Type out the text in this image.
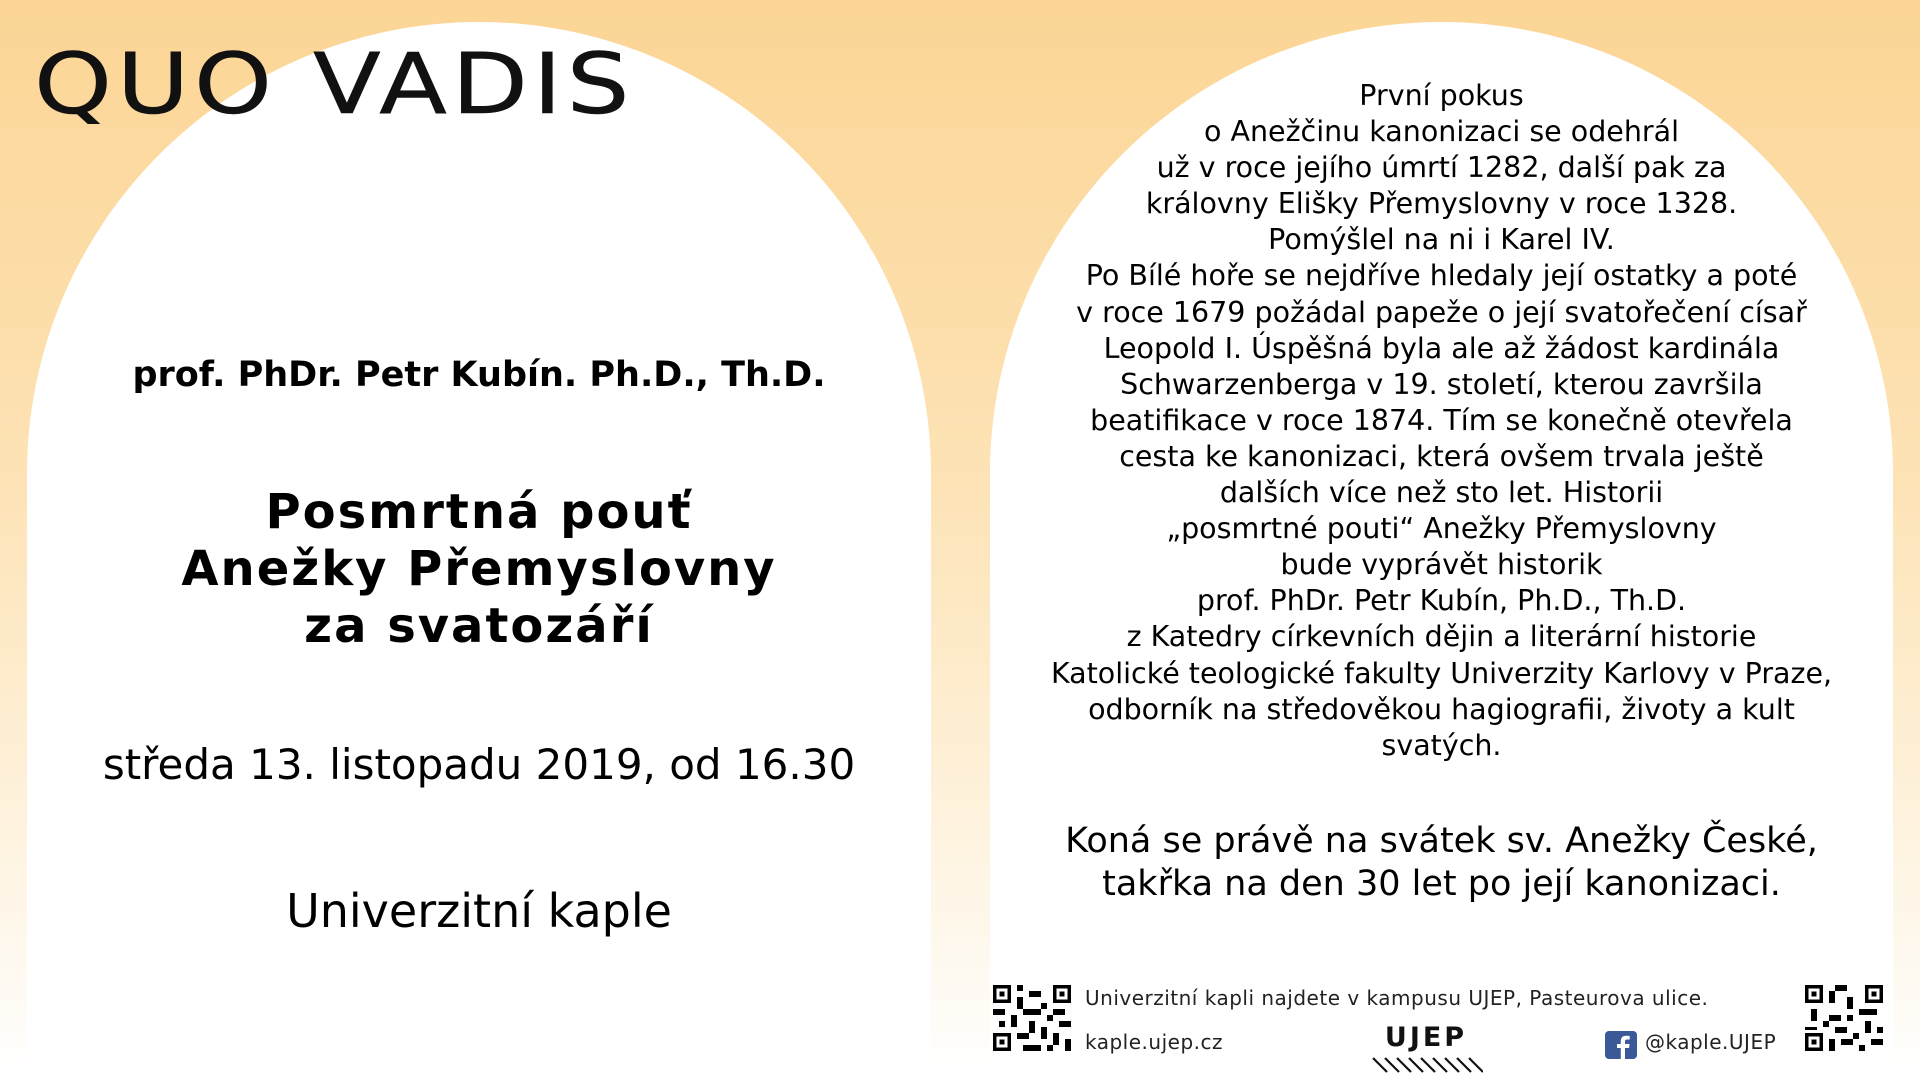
QUO VADIS
prof. PhDr. Petr Kubín. Ph.D., Th.D.
Posmrtná pouť
Anežky Přemyslovny
za svatozáří
středa 13. listopadu 2019, od 16.30
Univerzitní kaple
První pokus
o Anežčinu kanonizaci se odehrál
už v roce jejího úmrtí 1282, další pak za
královny Elišky Přemyslovny v roce 1328.
Pomýšlel na ni i Karel IV.
Po Bílé hoře se nejdříve hledaly její ostatky a poté
v roce 1679 požádal papeže o její svatořečení císař
Leopold I. Úspěšná byla ale až žádost kardinála
Schwarzenberga v 19. století, kterou završila
beatifikace v roce 1874. Tím se konečně otevřela
cesta ke kanonizaci, která ovšem trvala ještě
dalších více než sto let. Historii
„posmrtné pouti“ Anežky Přemyslovny
bude vyprávět historik
prof. PhDr. Petr Kubín, Ph.D., Th.D.
z Katedry církevních dějin a literární historie
Katolické teologické fakulty Univerzity Karlovy v Praze,
odborník na středověkou hagiografii, životy a kult
svatých.
Koná se právě na svátek sv. Anežky České,
takřka na den 30 let po její kanonizaci.
Univerzitní kapli najdete v kampusu UJEP, Pasteurova ulice.
kaple.ujep.cz	UJEP	@kaple.UJEP
